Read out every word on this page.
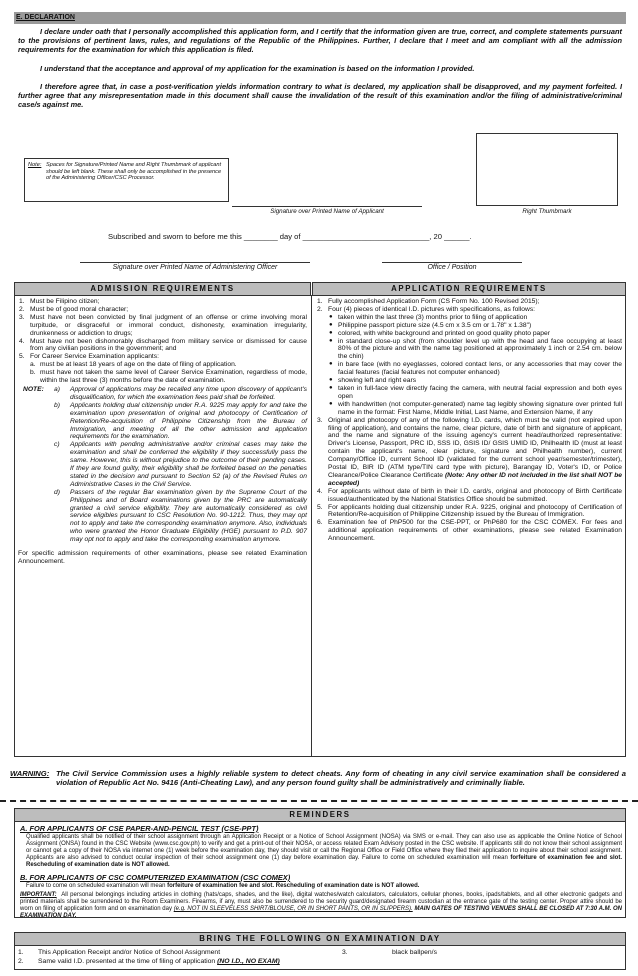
E. DECLARATION

I declare under oath that I personally accomplished this application form, and I certify that the information given are true, correct, and complete statements pursuant to the provisions of pertinent laws, rules, and regulations of the Republic of the Philippines. Further, I declare that I meet and am compliant with all the admission requirements for the examination for which this application is filed.

I understand that the acceptance and approval of my application for the examination is based on the information I provided.

I therefore agree that, in case a post-verification yields information contrary to what is declared, my application shall be disapproved, and my payment forfeited. I further agree that any misrepresentation made in this document shall cause the invalidation of the result of this examination and/or the filing of administrative/criminal case/s against me.

Note: Spaces for Signature/Printed Name and Right Thumbmark of applicant should be left blank. These shall only be accomplished in the presence of the Administering Officer/CSC Processor.
Signature over Printed Name of Applicant	Right Thumbmark
Subscribed and sworn to before me this ________ day of ______________________________, 20 ______.
Signature over Printed Name of Administering Officer	Office / Position
ADMISSION REQUIREMENTS	APPLICATION REQUIREMENTS
1. Must be Filipino citizen;
2. Must be of good moral character;
3. Must have not been convicted by final judgment of an offense or crime involving moral turpitude, or disgraceful or immoral conduct, dishonesty, examination irregularity, drunkenness or addiction to drugs;
4. Must have not been dishonorably discharged from military service or dismissed for cause from any civilian positions in the government; and
5. For Career Service Examination applicants:
a. must be at least 18 years of age on the date of filing of application.
b. must have not taken the same level of Career Service Examination, regardless of mode, within the last three (3) months before the date of examination.
NOTE: a) Approval of applications may be recalled any time upon discovery of applicant's disqualification, for which the examination fees paid shall be forfeited.
b) Applicants holding dual citizenship under R.A. 9225 may apply for and take the examination upon presentation of original and photocopy of Certification of Retention/Re-acquisition of Philippine Citizenship from the Bureau of Immigration, and meeting of all the other admission and application requirements for the examination.
c) Applicants with pending administrative and/or criminal cases may take the examination and shall be conferred the eligibility if they successfully pass the same. However, this is without prejudice to the outcome of their pending cases. If they are found guilty, their eligibility shall be forfeited based on the penalties stated in the decision and pursuant to Section 52 (a) of the Revised Rules on Administrative Cases in the Civil Service.
d) Passers of the regular Bar examination given by the Supreme Court of the Philippines and of Board examinations given by the PRC are automatically granted a civil service eligibility. They are automatically considered as civil service eligibles pursuant to CSC Resolution No. 90-1212. Thus, they may opt not to apply and take the corresponding examination anymore. Also, individuals who were granted the Honor Graduate Eligibility (HGE) pursuant to P.D. 907 may opt not to apply and take the corresponding examination anymore.
For specific admission requirements of other examinations, please see related Examination Announcement.
1. Fully accomplished Application Form (CS Form No. 100 Revised 2015);
2. Four (4) pieces of identical I.D. pictures with specifications, as follows:
● taken within the last three (3) months prior to filing of application
● Philippine passport picture size (4.5 cm x 3.5 cm or 1.78" x 1.38")
● colored, with white background and printed on good quality photo paper
● in standard close-up shot (from shoulder level up with the head and face occupying at least 80% of the picture and with the name tag positioned at approximately 1 inch or 2.54 cm. below the chin)
● in bare face (with no eyeglasses, colored contact lens, or any accessories that may cover the facial features (facial features not computer enhanced)
● showing left and right ears
● taken in full-face view directly facing the camera, with neutral facial expression and both eyes open
● with handwritten (not computer-generated) name tag legibly showing signature over printed full name in the format: First Name, Middle Initial, Last Name, and Extension Name, if any
3. Original and photocopy of any of the following I.D. cards, which must be valid (not expired upon filing of application), and contains the name, clear picture, date of birth and signature of applicant, and the name and signature of the issuing agency's current head/authorized representative: Driver's License, Passport, PRC ID, SSS ID, GSIS ID/ GSIS UMID ID, Philhealth ID (must at least contain the applicant's name, clear picture, signature and Philhealth number), current Company/Office ID, current School ID (validated for the current school year/semester/trimester), Postal ID, BIR ID (ATM type/TIN card type with picture), Barangay ID, Voter's ID, or Police Clearance/Police Clearance Certificate (Note: Any other ID not included in the list shall NOT be accepted)
4. For applicants without date of birth in their I.D. card/s, original and photocopy of Birth Certificate issued/authenticated by the National Statistics Office should be submitted.
5. For applicants holding dual citizenship under R.A. 9225, original and photocopy of Certification of Retention/Re-acquisition of Philippine Citizenship issued by the Bureau of Immigration.
6. Examination fee of PhP500 for the CSE-PPT, or PhP680 for the CSC COMEX. For fees and additional application requirements of other examinations, please see related Examination Announcement.
WARNING: The Civil Service Commission uses a highly reliable system to detect cheats. Any form of cheating in any civil service examination shall be considered a violation of Republic Act No. 9416 (Anti-Cheating Law), and any person found guilty shall be administratively and criminally liable.
REMINDERS
A. FOR APPLICANTS OF CSE PAPER-AND-PENCIL TEST (CSE-PPT)
Qualified applicants shall be notified of their school assignment through an Application Receipt or a Notice of School Assignment (NOSA) via SMS or e-mail. They can also use as applicable the Online Notice of School Assignment (ONSA) found in the CSC Website (www.csc.gov.ph) to verify and get a print-out of their NOSA, or access related Exam Advisory posted in the CSC website. If applicants still do not know their school assignment or cannot get a copy of their NOSA via internet one (1) week before the examination day, they should visit or call the Regional Office or Field Office where they filed their application to inquire about their school assignment. Applicants are also advised to conduct ocular inspection of their school assignment one (1) day before examination day. Failure to come on scheduled examination will mean forfeiture of examination fee and slot. Rescheduling of examination date is NOT allowed.
B. FOR APPLICANTS OF CSC COMPUTERIZED EXAMINATION (CSC COMEX)
Failure to come on scheduled examination will mean forfeiture of examination fee and slot. Rescheduling of examination date is NOT allowed.
IMPORTANT: All personal belongings including articles in clothing (hats/caps, shades, and the like), digital watches/watch calculators, calculators, cellular phones, books, ipads/tablets, and all other electronic gadgets and printed materials shall be surrendered to the Room Examiners. Firearms, if any, must also be surrendered to the security guard/designated firearm custodian at the entrance gate of the testing center. Proper attire should be worn on filing of application form and on examination day (e.g. NOT IN SLEEVELESS SHIRT/BLOUSE, OR IN SHORT PANTS, OR IN SLIPPERS). MAIN GATES OF TESTING VENUES SHALL BE CLOSED AT 7:30 A.M. ON EXAMINATION DAY.
BRING THE FOLLOWING ON EXAMINATION DAY
1. This Application Receipt and/or Notice of School Assignment
2. Same valid I.D. presented at the time of filing of application (NO I.D., NO EXAM)
3.	black ballpen/s
